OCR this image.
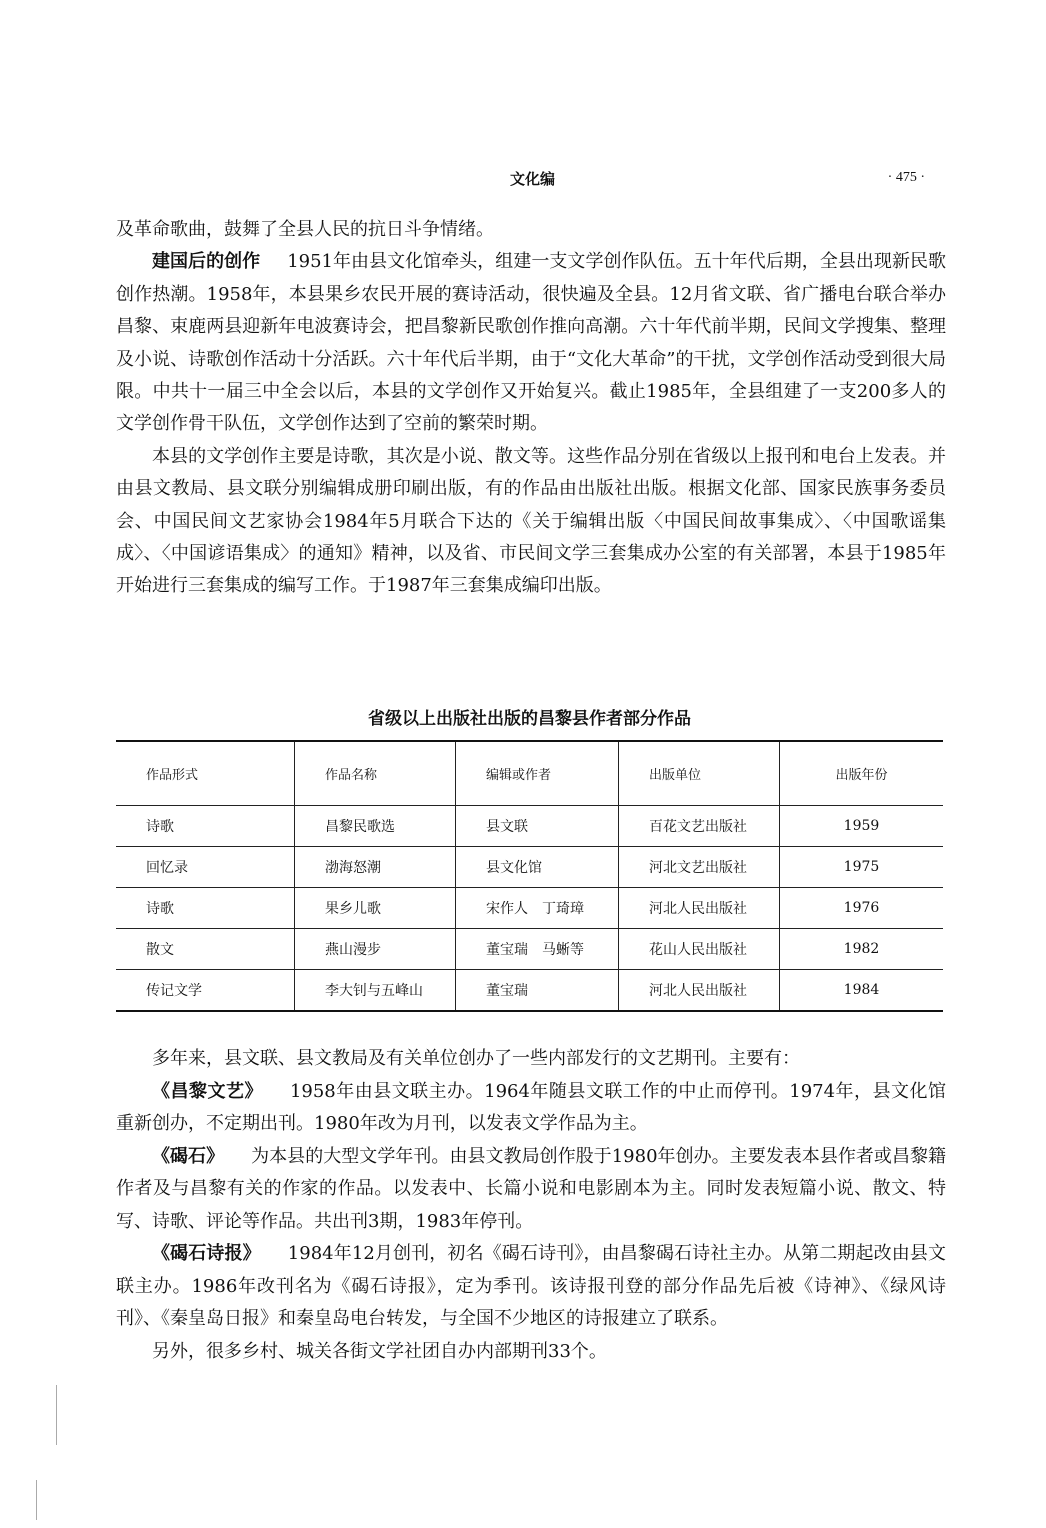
文化编	· 475 ·

及革命歌曲，鼓舞了全县人民的抗日斗争情绪。

建国后的创作 1951年由县文化馆牵头，组建一支文学创作队伍。五十年代后期，全县出现新民歌创作热潮。1958年，本县果乡农民开展的赛诗活动，很快遍及全县。12月省文联、省广播电台联合举办昌黎、束鹿两县迎新年电波赛诗会，把昌黎新民歌创作推向高潮。六十年代前半期，民间文学搜集、整理及小说、诗歌创作活动十分活跃。六十年代后半期，由于“文化大革命”的干扰，文学创作活动受到很大局限。中共十一届三中全会以后，本县的文学创作又开始复兴。截止1985年，全县组建了一支200多人的文学创作骨干队伍，文学创作达到了空前的繁荣时期。

本县的文学创作主要是诗歌，其次是小说、散文等。这些作品分别在省级以上报刊和电台上发表。并由县文教局、县文联分别编辑成册印刷出版，有的作品由出版社出版。根据文化部、国家民族事务委员会、中国民间文艺家协会1984年5月联合下达的《关于编辑出版〈中国民间故事集成〉、〈中国歌谣集成〉、〈中国谚语集成〉的通知》精神，以及省、市民间文学三套集成办公室的有关部署，本县于1985年开始进行三套集成的编写工作。于1987年三套集成编印出版。

省级以上出版社出版的昌黎县作者部分作品
作品形式	作品名称	编辑或作者	出版单位	出版年份
诗歌	昌黎民歌选	县文联	百花文艺出版社	1959
回忆录	渤海怒潮	县文化馆	河北文艺出版社	1975
诗歌	果乡儿歌	宋作人　丁琦璋	河北人民出版社	1976
散文	燕山漫步	董宝瑞　马蜥等	花山人民出版社	1982
传记文学	李大钊与五峰山	董宝瑞	河北人民出版社	1984

多年来，县文联、县文教局及有关单位创办了一些内部发行的文艺期刊。主要有：

《昌黎文艺》 1958年由县文联主办。1964年随县文联工作的中止而停刊。1974年，县文化馆重新创办，不定期出刊。1980年改为月刊，以发表文学作品为主。

《碣石》 为本县的大型文学年刊。由县文教局创作股于1980年创办。主要发表本县作者或昌黎籍作者及与昌黎有关的作家的作品。以发表中、长篇小说和电影剧本为主。同时发表短篇小说、散文、特写、诗歌、评论等作品。共出刊3期，1983年停刊。

《碣石诗报》 1984年12月创刊，初名《碣石诗刊》，由昌黎碣石诗社主办。从第二期起改由县文联主办。1986年改刊名为《碣石诗报》，定为季刊。该诗报刊登的部分作品先后被《诗神》、《绿风诗刊》、《秦皇岛日报》和秦皇岛电台转发，与全国不少地区的诗报建立了联系。

另外，很多乡村、城关各街文学社团自办内部期刊33个。
